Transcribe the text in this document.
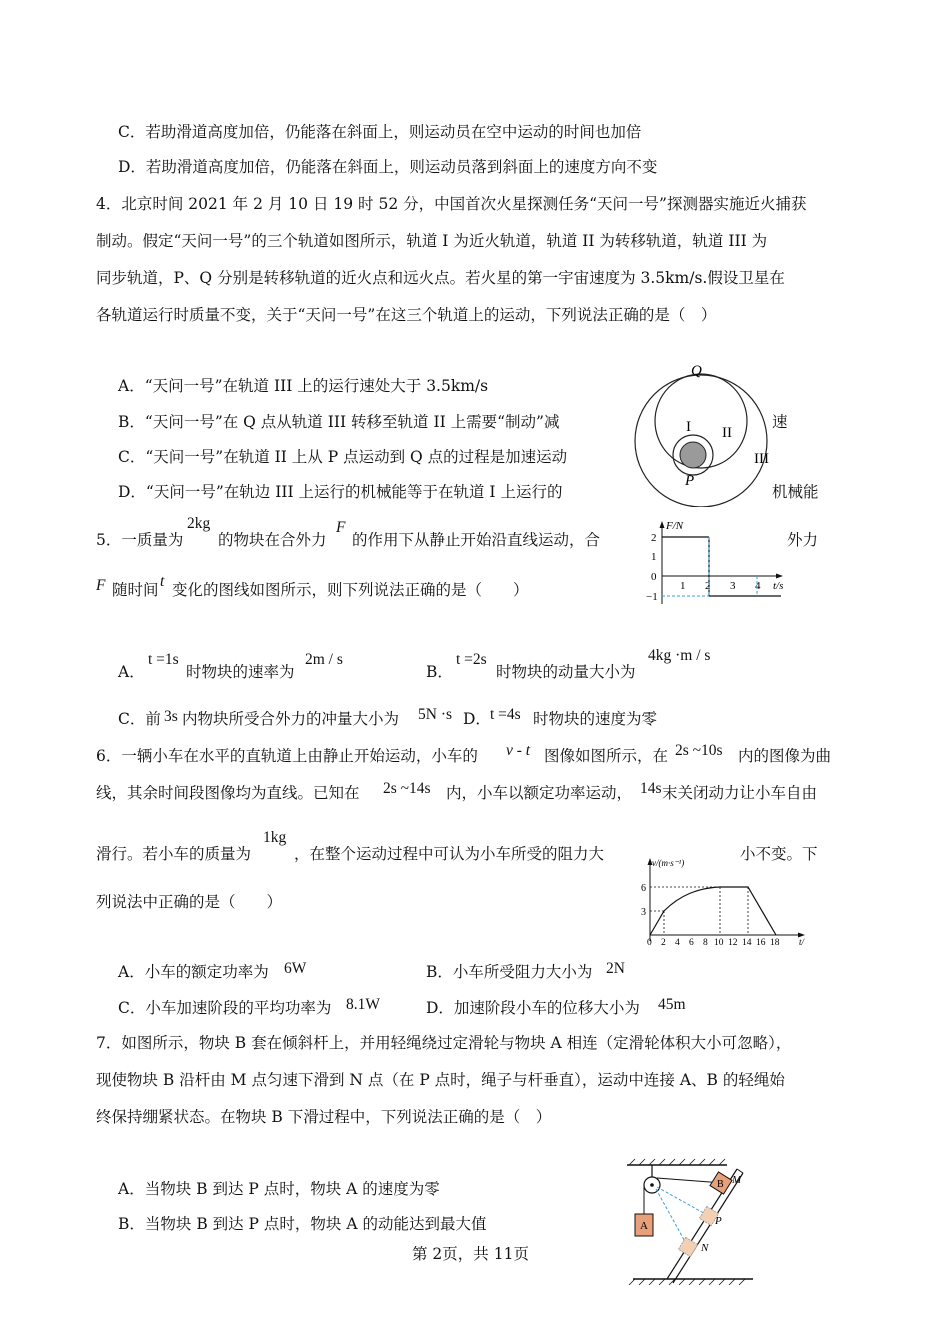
C．若助滑道高度加倍，仍能落在斜面上，则运动员在空中运动的时间也加倍
D．若助滑道高度加倍，仍能落在斜面上，则运动员落到斜面上的速度方向不变
4．北京时间 2021 年 2 月 10 日 19 时 52 分，中国首次火星探测任务“天问一号”探测器实施近火捕获
制动。假定“天问一号”的三个轨道如图所示，轨道 I 为近火轨道，轨道 II 为转移轨道，轨道 III 为
同步轨道，P、Q 分别是转移轨道的近火点和远火点。若火星的第一宇宙速度为 3.5km/s.假设卫星在
各轨道运行时质量不变，关于“天问一号”在这三个轨道上的运动，下列说法正确的是（　）
A．“天问一号”在轨道 III 上的运行速处大于 3.5km/s
B．“天问一号”在 Q 点从轨道 III 转移至轨道 II 上需要“制动”减	速
C．“天问一号”在轨道 II 上从 P 点运动到 Q 点的过程是加速运动
D．“天问一号”在轨边 III 上运行的机械能等于在轨道 I 上运行的	机械能
Q
P
I II
III
5．一质量为
2kg
的物块在合外力
F
的作用下从静止开始沿直线运动，合	外力
F 随时间 t 变化的图线如图所示，则下列说法正确的是（　　）
F/N
t/s
2
1
0
−1
1 2 3 4
A．
t =1s
时物块的速率为
2m / s
B．
t =2s
时物块的动量大小为
4kg ·m / s
C．前 3s 内物块所受合外力的冲量大小为 5N ·s D． t =4s 时物块的速度为零
6．一辆小车在水平的直轨道上由静止开始运动，小车的 v - t 图像如图所示，在 2s ~10s 内的图像为曲
线，其余时间段图像均为直线。已知在 2s ~14s 内，小车以额定功率运动， 14s 末关闭动力让小车自由
滑行。若小车的质量为
1kg
，在整个运动过程中可认为小车所受的阻力大	小不变。下
列说法中正确的是（　　）
v/(m·s⁻¹)
t/
6
3
0 2 4 6 8 10 12 14 16 18
A．小车的额定功率为 6W	B．小车所受阻力大小为 2N
C．小车加速阶段的平均功率为 8.1W	D．加速阶段小车的位移大小为 45m
7．如图所示，物块 B 套在倾斜杆上，并用轻绳绕过定滑轮与物块 A 相连（定滑轮体积大小可忽略），
现使物块 B 沿杆由 M 点匀速下滑到 N 点（在 P 点时，绳子与杆垂直），运动中连接 A、B 的轻绳始
终保持绷紧状态。在物块 B 下滑过程中，下列说法正确的是（　）
A．当物块 B 到达 P 点时，物块 A 的速度为零
B．当物块 B 到达 P 点时，物块 A 的动能达到最大值	A
B M
P
N
第 2页，共 11页
